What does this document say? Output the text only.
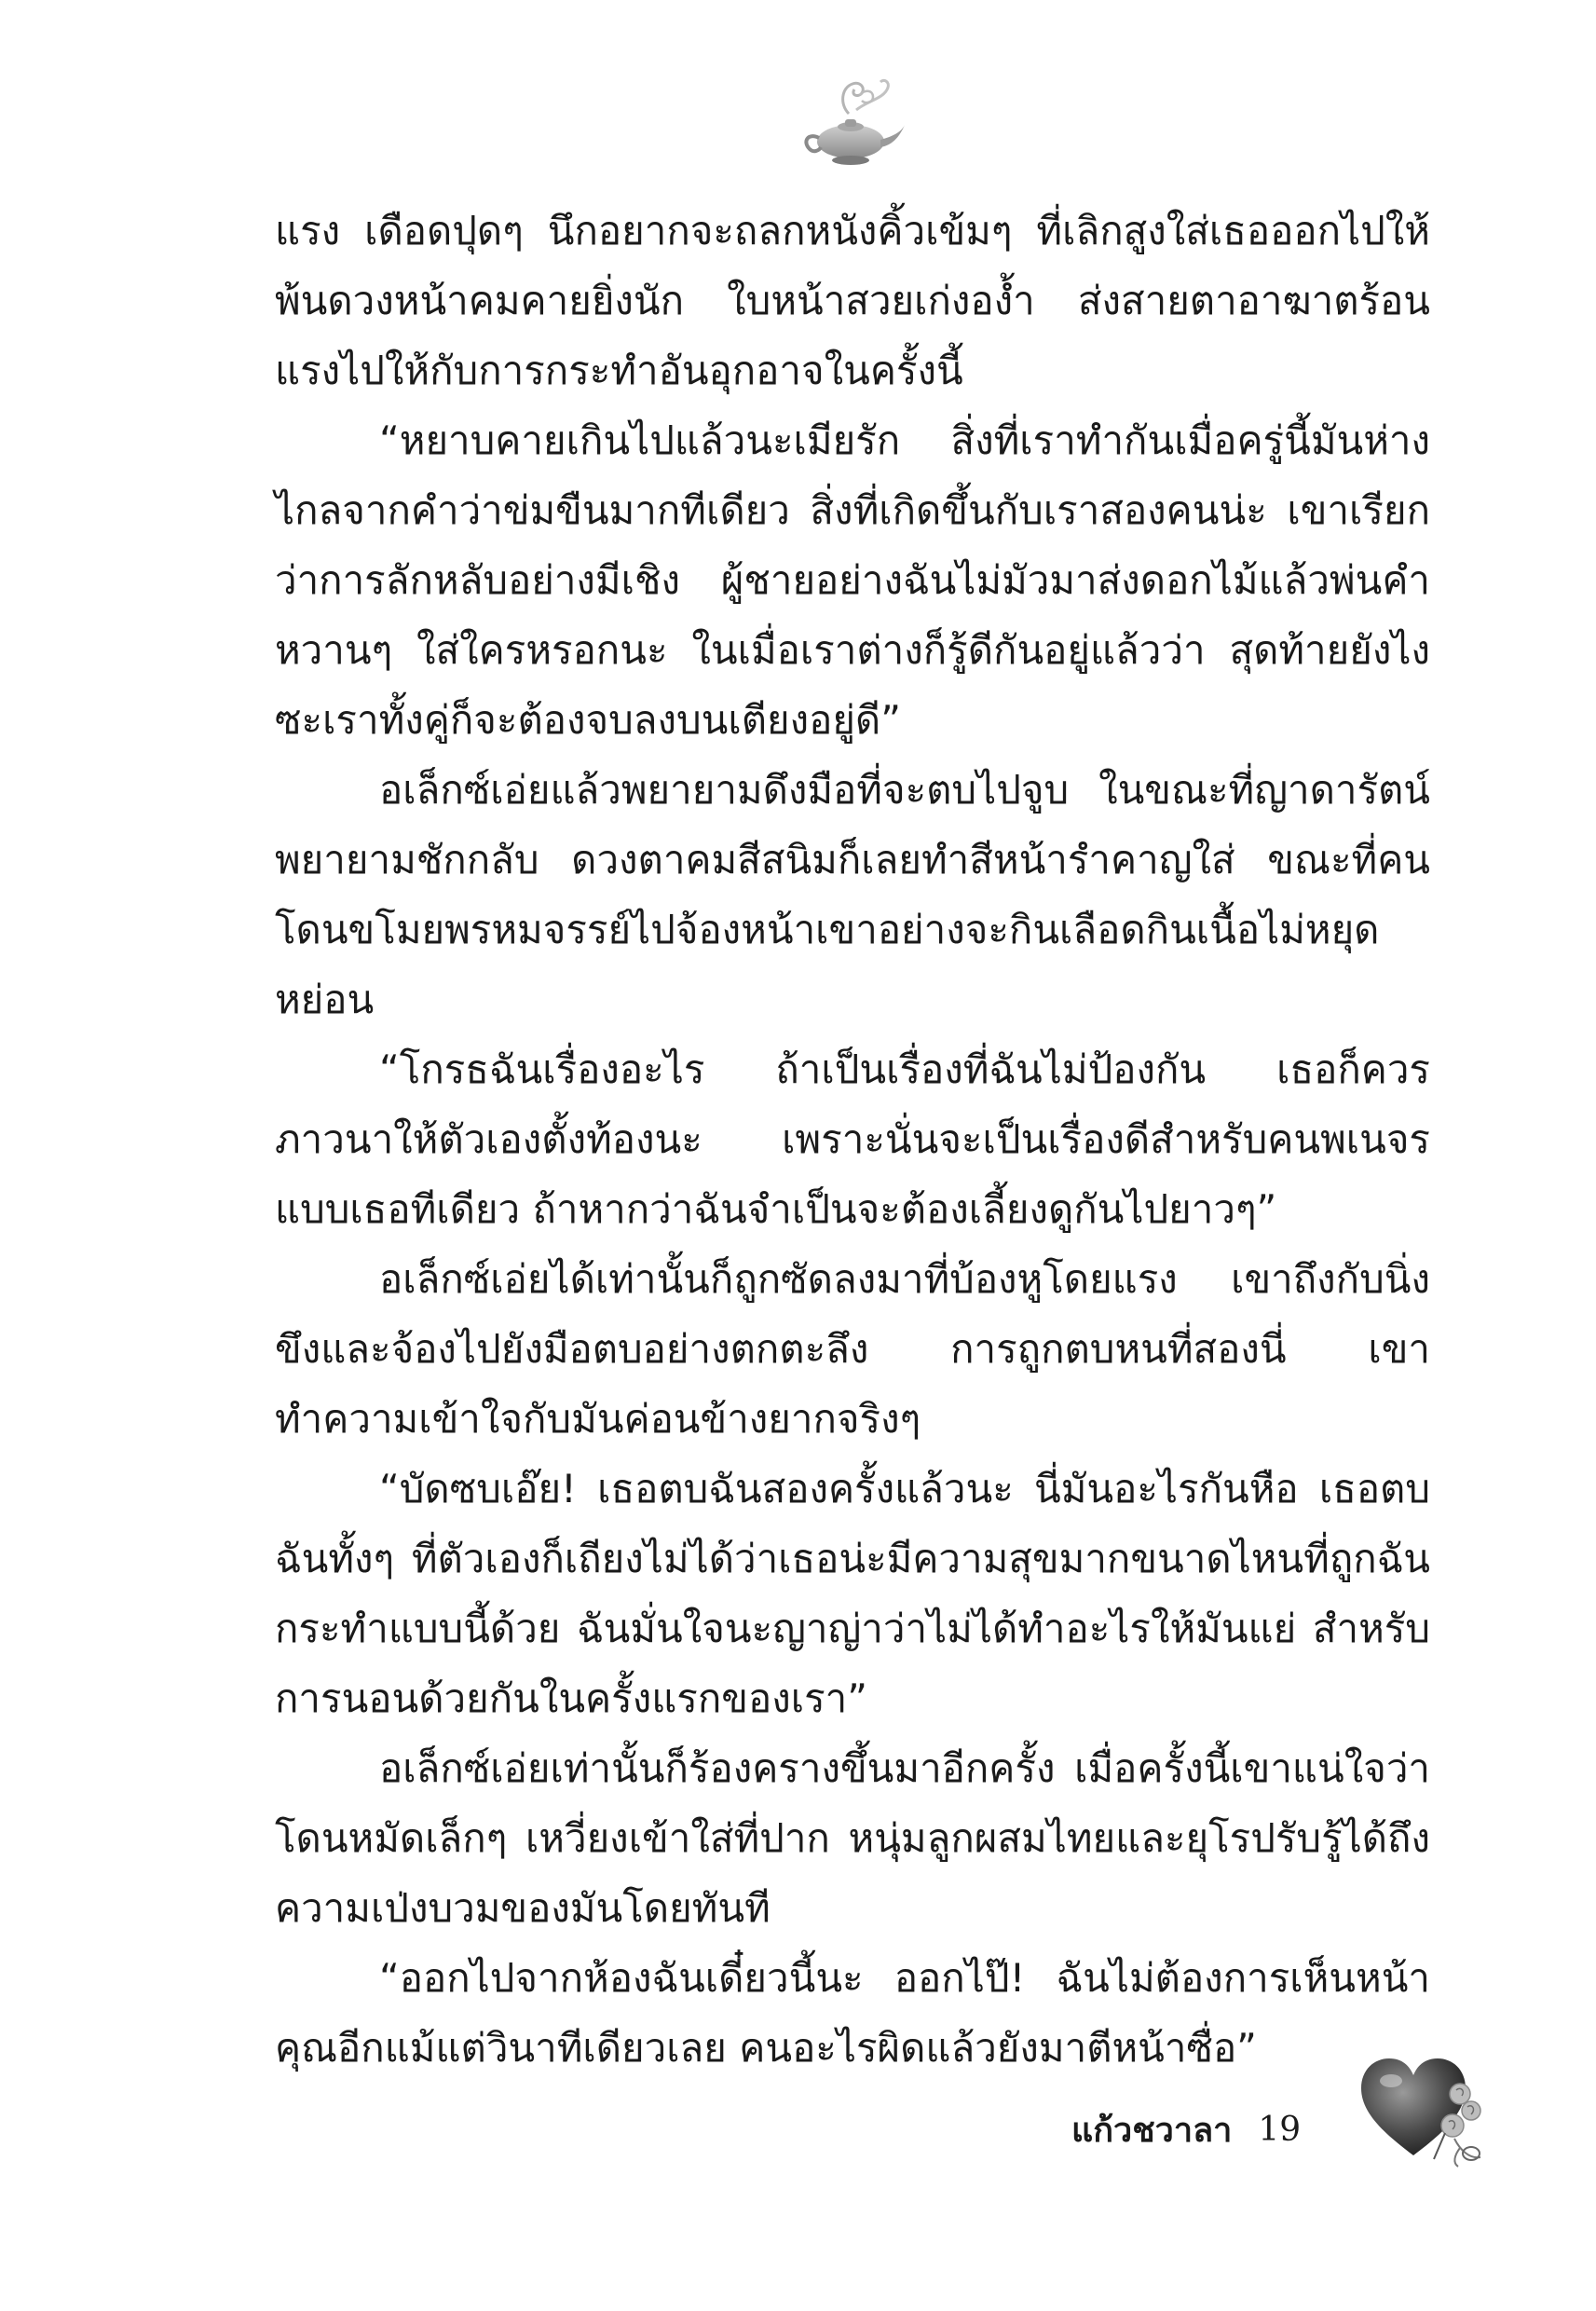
แรง เดือดปุดๆ นึกอยากจะถลกหนังคิ้วเข้มๆ ที่เลิกสูงใส่เธอออกไปให้พ้นดวงหน้าคมคายยิ่งนัก ใบหน้าสวยเก่งอง้ำ ส่งสายตาอาฆาตร้อนแรงไปให้กับการกระทำอันอุกอาจในครั้งนี้

“หยาบคายเกินไปแล้วนะเมียรัก สิ่งที่เราทำกันเมื่อครู่นี้มันห่างไกลจากคำว่าข่มขืนมากทีเดียว สิ่งที่เกิดขึ้นกับเราสองคนน่ะ เขาเรียกว่าการลักหลับอย่างมีเชิง ผู้ชายอย่างฉันไม่มัวมาส่งดอกไม้แล้วพ่นคำหวานๆ ใส่ใครหรอกนะ ในเมื่อเราต่างก็รู้ดีกันอยู่แล้วว่า สุดท้ายยังไงซะเราทั้งคู่ก็จะต้องจบลงบนเตียงอยู่ดี”

อเล็กซ์เอ่ยแล้วพยายามดึงมือที่จะตบไปจูบ ในขณะที่ญาดารัตน์พยายามชักกลับ ดวงตาคมสีสนิมก็เลยทำสีหน้ารำคาญใส่ ขณะที่คนโดนขโมยพรหมจรรย์ไปจ้องหน้าเขาอย่างจะกินเลือดกินเนื้อไม่หยุดหย่อน

“โกรธฉันเรื่องอะไร ถ้าเป็นเรื่องที่ฉันไม่ป้องกัน เธอก็ควรภาวนาให้ตัวเองตั้งท้องนะ เพราะนั่นจะเป็นเรื่องดีสำหรับคนพเนจรแบบเธอทีเดียว ถ้าหากว่าฉันจำเป็นจะต้องเลี้ยงดูกันไปยาวๆ”

อเล็กซ์เอ่ยได้เท่านั้นก็ถูกซัดลงมาที่บ้องหูโดยแรง เขาถึงกับนิ่งขึงและจ้องไปยังมือตบอย่างตกตะลึง การถูกตบหนที่สองนี่ เขาทำความเข้าใจกับมันค่อนข้างยากจริงๆ

“บัดซบเอ๊ย! เธอตบฉันสองครั้งแล้วนะ นี่มันอะไรกันหือ เธอตบฉันทั้งๆ ที่ตัวเองก็เถียงไม่ได้ว่าเธอน่ะมีความสุขมากขนาดไหนที่ถูกฉันกระทำแบบนี้ด้วย ฉันมั่นใจนะญาญ่าว่าไม่ได้ทำอะไรให้มันแย่ สำหรับการนอนด้วยกันในครั้งแรกของเรา”

อเล็กซ์เอ่ยเท่านั้นก็ร้องครางขึ้นมาอีกครั้ง เมื่อครั้งนี้เขาแน่ใจว่าโดนหมัดเล็กๆ เหวี่ยงเข้าใส่ที่ปาก หนุ่มลูกผสมไทยและยุโรปรับรู้ได้ถึงความเป่งบวมของมันโดยทันที

“ออกไปจากห้องฉันเดี๋ยวนี้นะ ออกไป๊! ฉันไม่ต้องการเห็นหน้าคุณอีกแม้แต่วินาทีเดียวเลย คนอะไรผิดแล้วยังมาตีหน้าซื่อ”

แก้วชวาลา 19
